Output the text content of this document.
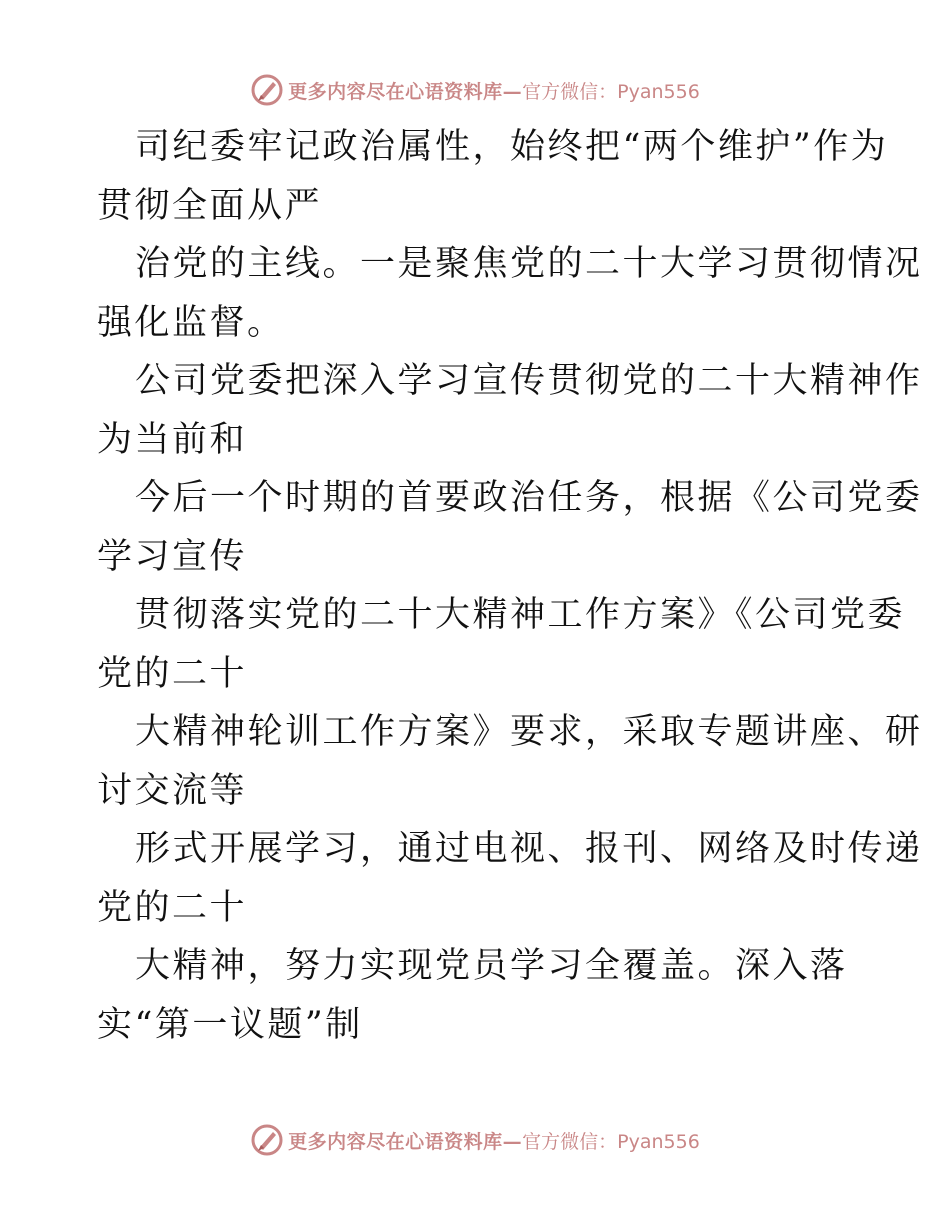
更多内容尽在心语资料库— 官方微信：Pyan556
司纪委牢记政治属性，始终把“两个维护”作为
贯彻全面从严
治党的主线。一是聚焦党的二十大学习贯彻情况
强化监督。
公司党委把深入学习宣传贯彻党的二十大精神作
为当前和
今后一个时期的首要政治任务，根据《公司党委
学习宣传
贯彻落实党的二十大精神工作方案》《公司党委
党的二十
大精神轮训工作方案》要求，采取专题讲座、研
讨交流等
形式开展学习，通过电视、报刊、网络及时传递
党的二十
大精神，努力实现党员学习全覆盖。深入落
实“第一议题”制
更多内容尽在心语资料库— 官方微信：Pyan556
